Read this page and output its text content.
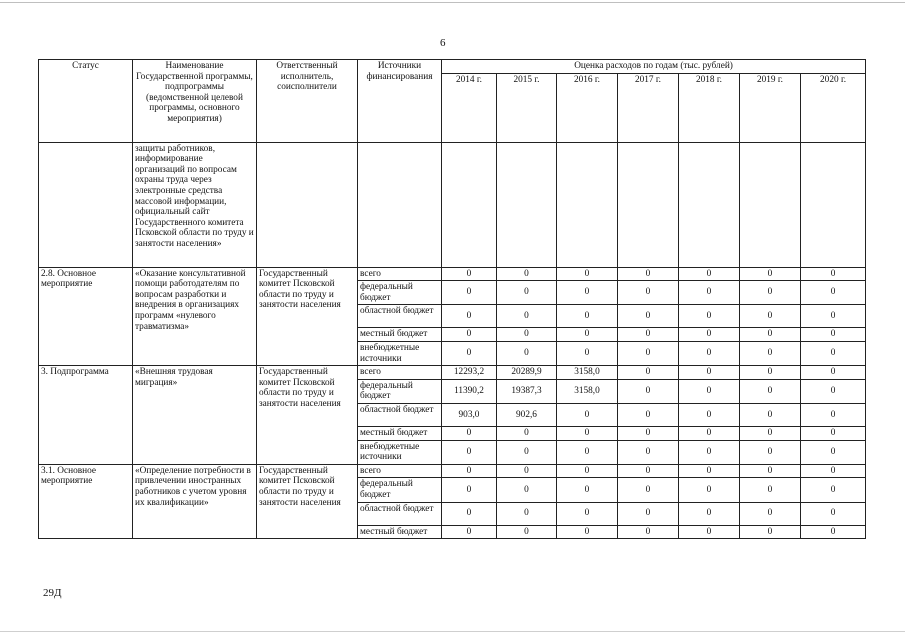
6
Статус	Наименование Государственной программы, подпрограммы (ведомственной целевой программы, основного мероприятия)	Ответственный исполнитель, соисполнители	Источники финансирования	Оценка расходов по годам (тыс. рублей)						
				2014 г.	2015 г.	2016 г.	2017 г.	2018 г.	2019 г.	2020 г.
	защиты работников, информирование организаций по вопросам охраны труда через электронные средства массовой информации, официальный сайт Государственного комитета Псковской области по труду и занятости населения»									
2.8. Основное мероприятие	«Оказание консультативной помощи работодателям по вопросам разработки и внедрения в организациях программ «нулевого травматизма»	Государственный комитет Псковской области по труду и занятости населения	всего	0	0	0	0	0	0	0
			федеральный бюджет	0	0	0	0	0	0	0
			областной бюджет	0	0	0	0	0	0	0
			местный бюджет	0	0	0	0	0	0	0
			внебюджетные источники	0	0	0	0	0	0	0
3. Подпрограмма	«Внешняя трудовая миграция»	Государственный комитет Псковской области по труду и занятости населения	всего	12293,2	20289,9	3158,0	0	0	0	0
			федеральный бюджет	11390,2	19387,3	3158,0	0	0	0	0
			областной бюджет	903,0	902,6	0	0	0	0	0
			местный бюджет	0	0	0	0	0	0	0
			внебюджетные источники	0	0	0	0	0	0	0
3.1. Основное мероприятие	«Определение потребности в привлечении иностранных работников с учетом уровня их квалификации»	Государственный комитет Псковской области по труду и занятости населения	всего	0	0	0	0	0	0	0
			федеральный бюджет	0	0	0	0	0	0	0
			областной бюджет	0	0	0	0	0	0	0
			местный бюджет	0	0	0	0	0	0	0
29Д
